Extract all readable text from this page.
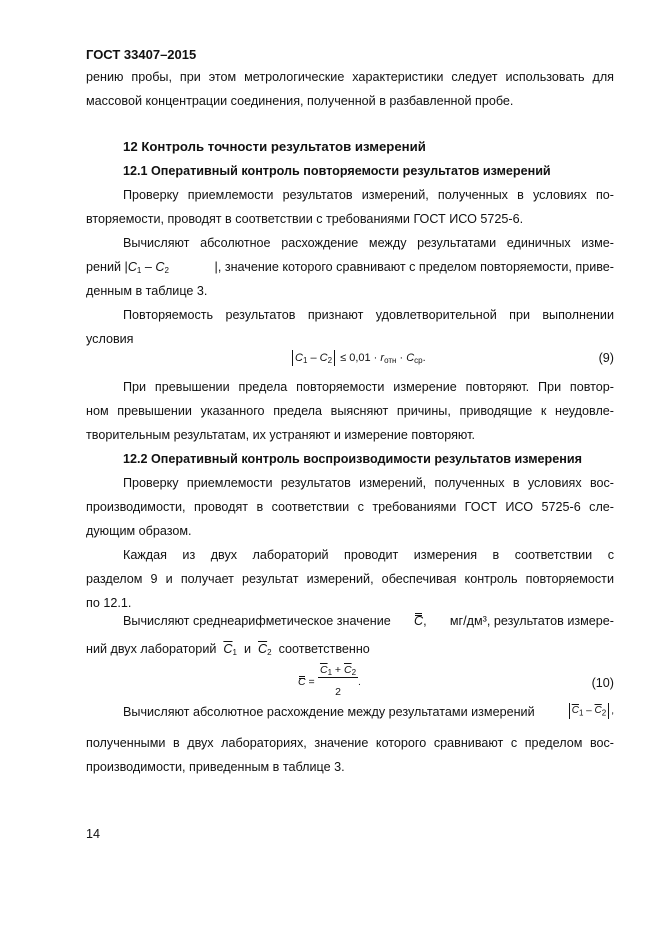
ГОСТ 33407–2015
рению пробы, при этом метрологические характеристики следует использовать для
массовой концентрации соединения, полученной в разбавленной пробе.
12 Контроль точности результатов измерений
12.1 Оперативный контроль повторяемости результатов измерений
Проверку приемлемости результатов измерений, полученных в условиях по-
вторяемости, проводят в соответствии с требованиями ГОСТ ИСО 5725-6.
Вычисляют абсолютное расхождение между результатами единичных изме-
рений $|C_1 - C_2$	|, значение которого сравнивают с пределом повторяемости, приве-
денным в таблице 3.
Повторяемость результатов признают удовлетворительной при выполнении
условия
$C_1 - C_2 \le 0,01 \cdot r_{отн} \cdot C_{ср}$.	(9)
При превышении предела повторяемости измерение повторяют. При повтор-
ном превышении указанного предела выясняют причины, приводящие к неудовле-
творительным результатам, их устраняют и измерение повторяют.
12.2 Оперативный контроль воспроизводимости результатов измерения
Проверку приемлемости результатов измерений, полученных в условиях вос-
производимости, проводят в соответствии с требованиями ГОСТ ИСО 5725-6 сле-
дующим образом.
Каждая из двух лабораторий проводит измерения в соответствии с
разделом 9 и получает результат измерений, обеспечивая контроль повторяемости
по 12.1.
Вычисляют среднеарифметическое значение C, мг/дм³, результатов измере-
ний двух лабораторий $\overline{C}_1$ и $\overline{C}_2$ соответственно
C =
$\overline{C}_1 + \overline{C}_2$
2
.	(10)
Вычисляют абсолютное расхождение между результатами измерений	$\overline{C}_1 - \overline{C}_2$ ,
полученными в двух лабораториях, значение которого сравнивают с пределом вос-
производимости, приведенным в таблице 3.
14
